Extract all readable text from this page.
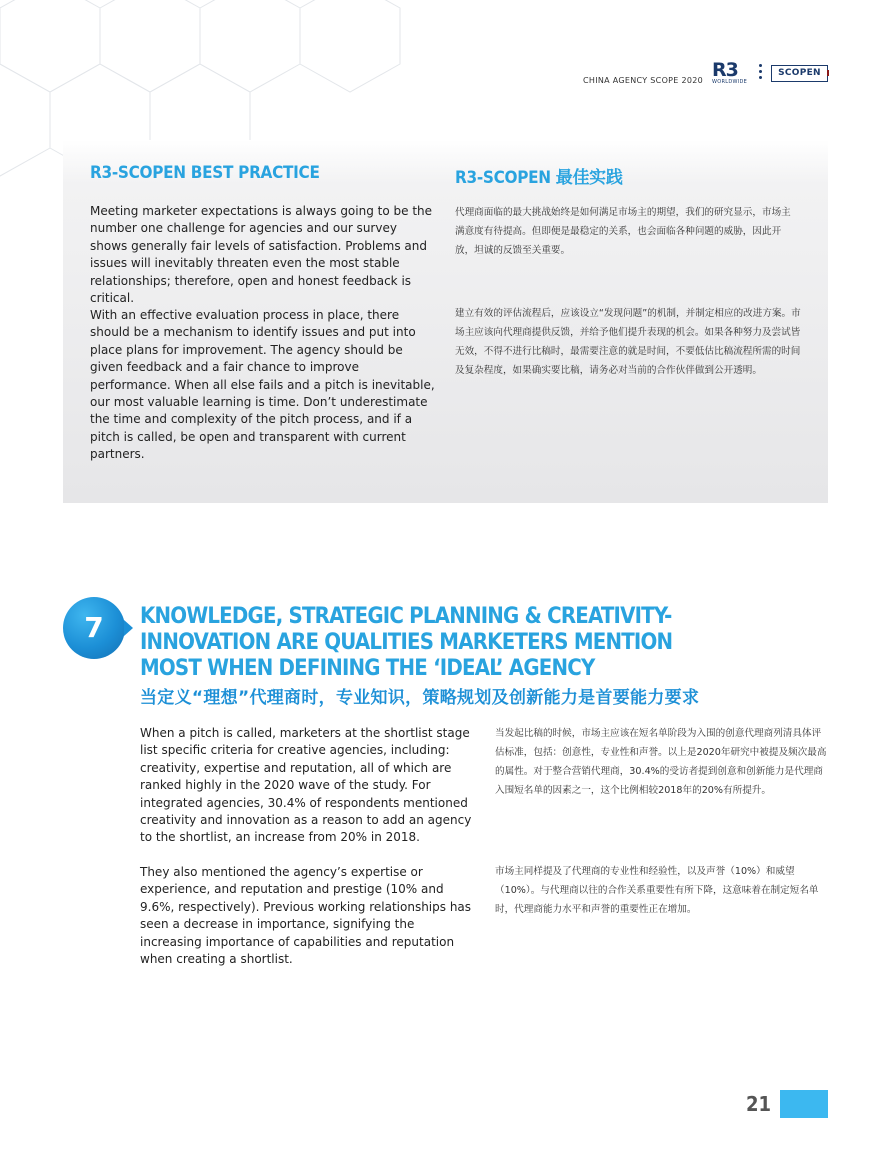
CHINA AGENCY SCOPE 2020 R3
WORLDWIDE
SCOPEN
R3-SCOPEN BEST PRACTICE	R3-SCOPEN 最佳实践

Meeting marketer expectations is always going to be the number one challenge for agencies and our survey shows generally fair levels of satisfaction. Problems and issues will inevitably threaten even the most stable relationships; therefore, open and honest feedback is critical.

With an effective evaluation process in place, there should be a mechanism to identify issues and put into place plans for improvement. The agency should be given feedback and a fair chance to improve performance. When all else fails and a pitch is inevitable, our most valuable learning is time. Don’t underestimate the time and complexity of the pitch process, and if a pitch is called, be open and transparent with current partners.

代理商面临的最大挑战始终是如何满足市场主的期望，我们的研究显示，市场主满意度有待提高。但即便是最稳定的关系，也会面临各种问题的威胁，因此开放，坦诚的反馈至关重要。

建立有效的评估流程后，应该设立“发现问题”的机制，并制定相应的改进方案。市场主应该向代理商提供反馈，并给予他们提升表现的机会。如果各种努力及尝试皆无效，不得不进行比稿时，最需要注意的就是时间，不要低估比稿流程所需的时间及复杂程度，如果确实要比稿，请务必对当前的合作伙伴做到公开透明。

7	KNOWLEDGE, STRATEGIC PLANNING & CREATIVITY-INNOVATION ARE QUALITIES MARKETERS MENTION MOST WHEN DEFINING THE ‘IDEAL’ AGENCY
当定义“理想”代理商时，专业知识，策略规划及创新能力是首要能力要求

When a pitch is called, marketers at the shortlist stage list specific criteria for creative agencies, including: creativity, expertise and reputation, all of which are ranked highly in the 2020 wave of the study. For integrated agencies, 30.4% of respondents mentioned creativity and innovation as a reason to add an agency to the shortlist, an increase from 20% in 2018.

They also mentioned the agency’s expertise or experience, and reputation and prestige (10% and 9.6%, respectively). Previous working relationships has seen a decrease in importance, signifying the increasing importance of capabilities and reputation when creating a shortlist.

当发起比稿的时候，市场主应该在短名单阶段为入围的创意代理商列清具体评估标准，包括：创意性，专业性和声誉。以上是2020年研究中被提及频次最高的属性。对于整合营销代理商，30.4%的受访者提到创意和创新能力是代理商入围短名单的因素之一，这个比例相较2018年的20%有所提升。

市场主同样提及了代理商的专业性和经验性，以及声誉（10%）和威望（10%）。与代理商以往的合作关系重要性有所下降，这意味着在制定短名单时，代理商能力水平和声誉的重要性正在增加。

21
